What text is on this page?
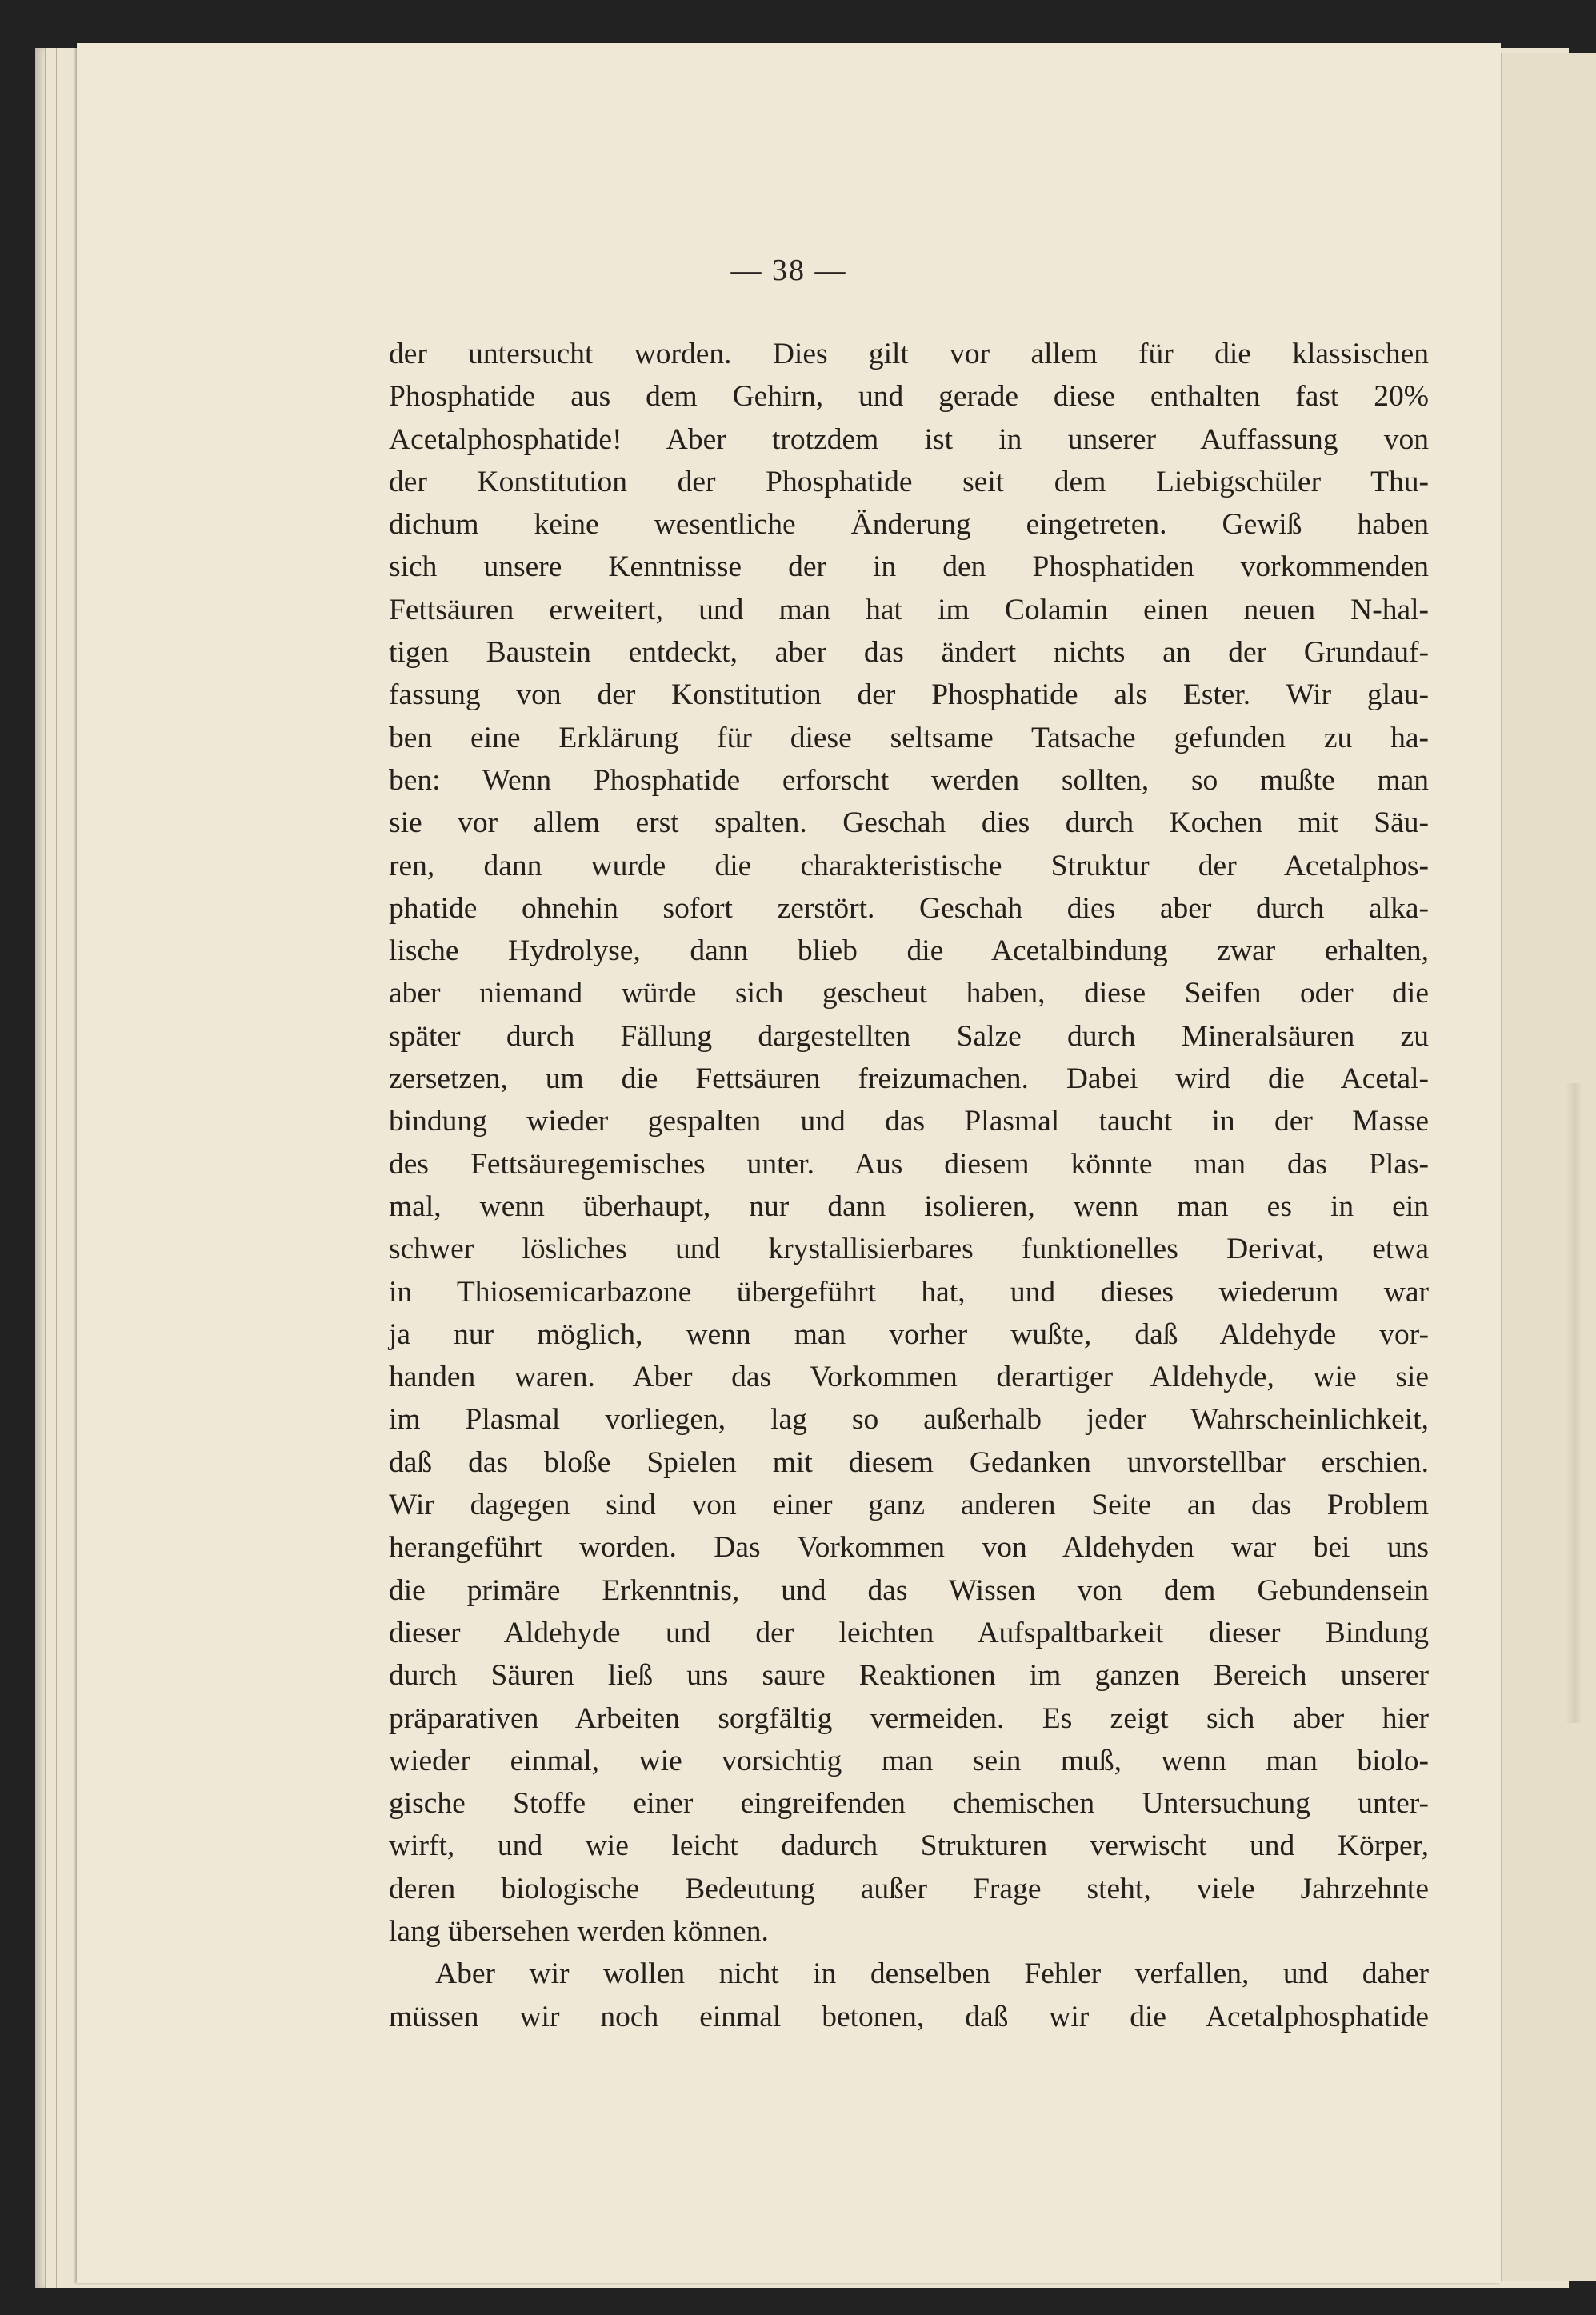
— 38 —
der untersucht worden. Dies gilt vor allem für die klassischen
Phosphatide aus dem Gehirn, und gerade diese enthalten fast 20%
Acetalphosphatide! Aber trotzdem ist in unserer Auffassung von
der Konstitution der Phosphatide seit dem Liebigschüler Thu-
dichum keine wesentliche Änderung eingetreten. Gewiß haben
sich unsere Kenntnisse der in den Phosphatiden vorkommenden
Fettsäuren erweitert, und man hat im Colamin einen neuen N-hal-
tigen Baustein entdeckt, aber das ändert nichts an der Grundauf-
fassung von der Konstitution der Phosphatide als Ester. Wir glau-
ben eine Erklärung für diese seltsame Tatsache gefunden zu ha-
ben: Wenn Phosphatide erforscht werden sollten, so mußte man
sie vor allem erst spalten. Geschah dies durch Kochen mit Säu-
ren, dann wurde die charakteristische Struktur der Acetalphos-
phatide ohnehin sofort zerstört. Geschah dies aber durch alka-
lische Hydrolyse, dann blieb die Acetalbindung zwar erhalten,
aber niemand würde sich gescheut haben, diese Seifen oder die
später durch Fällung dargestellten Salze durch Mineralsäuren zu
zersetzen, um die Fettsäuren freizumachen. Dabei wird die Acetal-
bindung wieder gespalten und das Plasmal taucht in der Masse
des Fettsäuregemisches unter. Aus diesem könnte man das Plas-
mal, wenn überhaupt, nur dann isolieren, wenn man es in ein
schwer lösliches und krystallisierbares funktionelles Derivat, etwa
in Thiosemicarbazone übergeführt hat, und dieses wiederum war
ja nur möglich, wenn man vorher wußte, daß Aldehyde vor-
handen waren. Aber das Vorkommen derartiger Aldehyde, wie sie
im Plasmal vorliegen, lag so außerhalb jeder Wahrscheinlichkeit,
daß das bloße Spielen mit diesem Gedanken unvorstellbar erschien.
Wir dagegen sind von einer ganz anderen Seite an das Problem
herangeführt worden. Das Vorkommen von Aldehyden war bei uns
die primäre Erkenntnis, und das Wissen von dem Gebundensein
dieser Aldehyde und der leichten Aufspaltbarkeit dieser Bindung
durch Säuren ließ uns saure Reaktionen im ganzen Bereich unserer
präparativen Arbeiten sorgfältig vermeiden. Es zeigt sich aber hier
wieder einmal, wie vorsichtig man sein muß, wenn man biolo-
gische Stoffe einer eingreifenden chemischen Untersuchung unter-
wirft, und wie leicht dadurch Strukturen verwischt und Körper,
deren biologische Bedeutung außer Frage steht, viele Jahrzehnte
lang übersehen werden können.
Aber wir wollen nicht in denselben Fehler verfallen, und daher
müssen wir noch einmal betonen, daß wir die Acetalphosphatide
